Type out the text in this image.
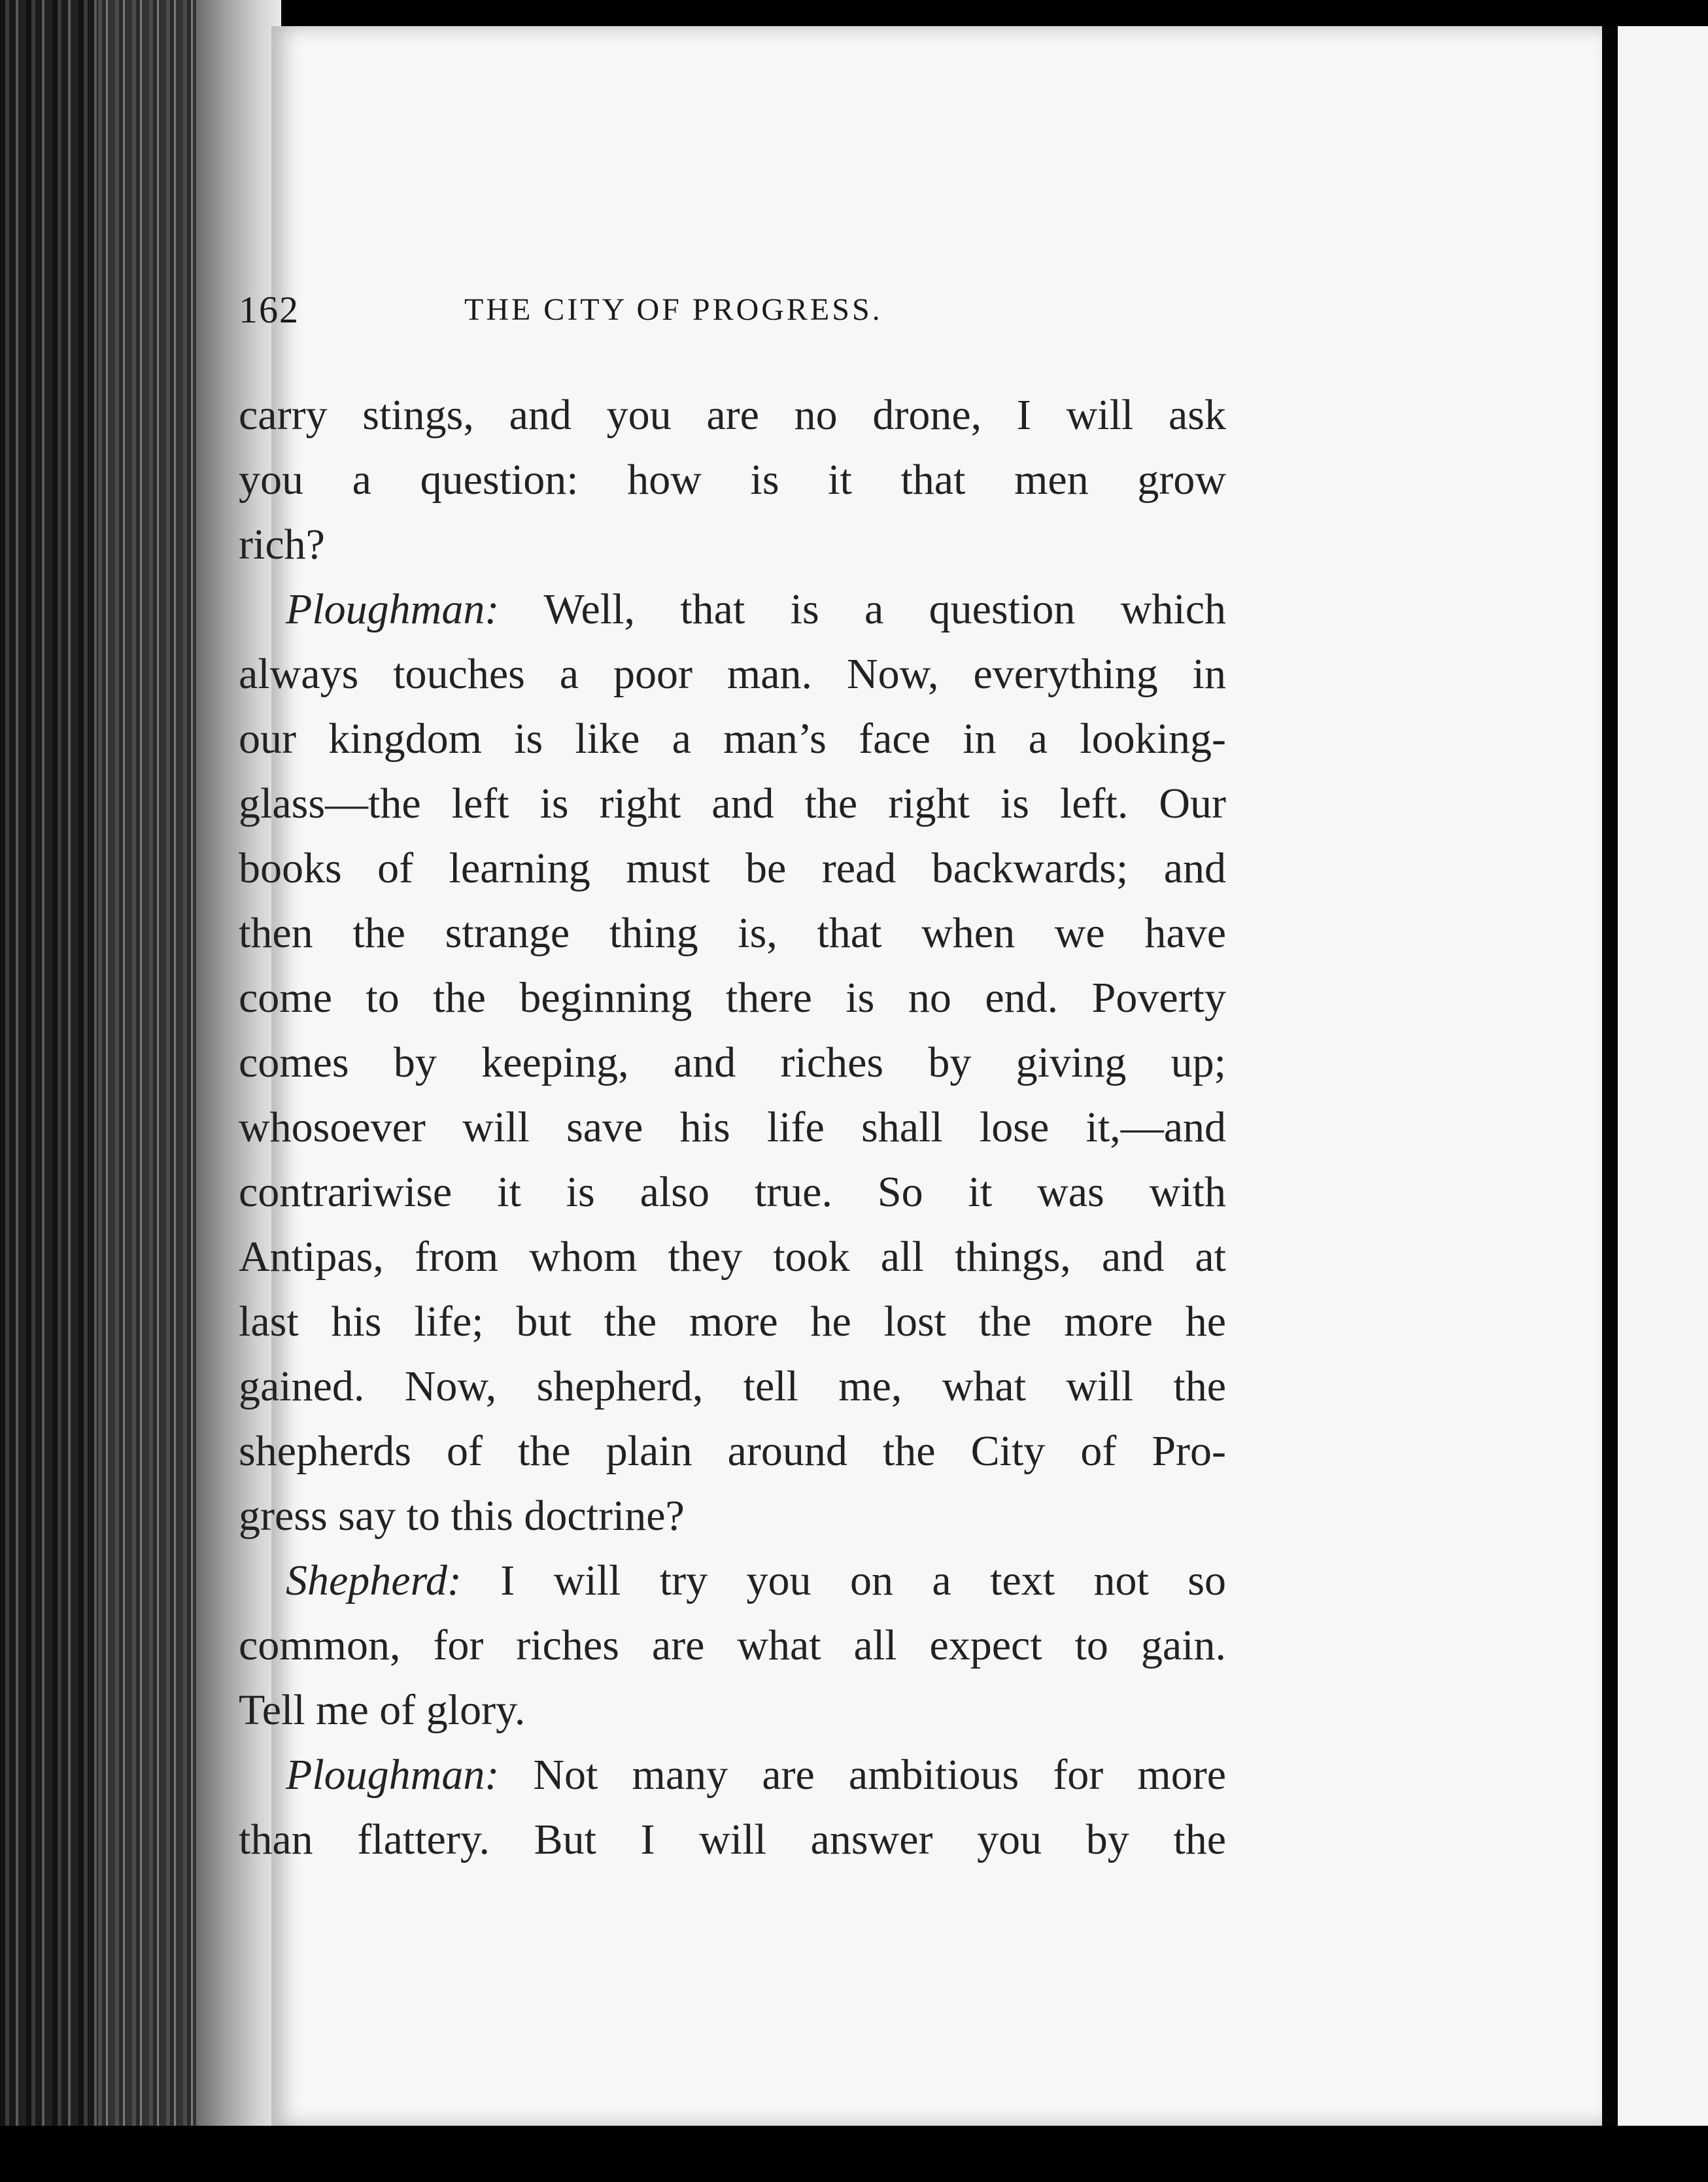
162	THE CITY OF PROGRESS.
carry stings, and you are no drone, I will ask
you a question: how is it that men grow
rich?
Ploughman: Well, that is a question which
always touches a poor man. Now, everything in
our kingdom is like a man’s face in a looking-
glass—the left is right and the right is left. Our
books of learning must be read backwards; and
then the strange thing is, that when we have
come to the beginning there is no end. Poverty
comes by keeping, and riches by giving up;
whosoever will save his life shall lose it,—and
contrariwise it is also true. So it was with
Antipas, from whom they took all things, and at
last his life; but the more he lost the more he
gained. Now, shepherd, tell me, what will the
shepherds of the plain around the City of Pro-
gress say to this doctrine?
Shepherd: I will try you on a text not so
common, for riches are what all expect to gain.
Tell me of glory.
Ploughman: Not many are ambitious for more
than flattery. But I will answer you by the
